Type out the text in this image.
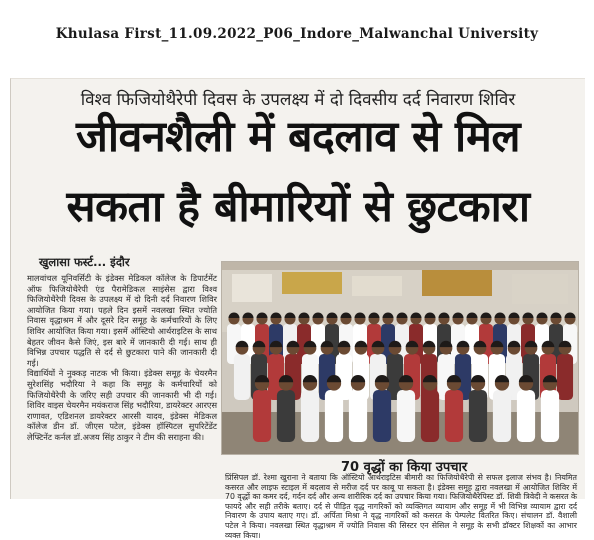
Khulasa First_11.09.2022_P06_Indore_Malwanchal University
विश्व फिजियोथैरेपी दिवस के उपलक्ष्य में दो दिवसीय दर्द निवारण शिविर
जीवनशैली में बदलाव से मिल
सकता है बीमारियों से छुटकारा
खुलासा फर्स्ट... इंदौर

मालवांचल यूनिवर्सिटी के इंडेक्स मेडिकल कॉलेज के डिपार्टमेंट ऑफ फिजियोथैरेपी एंड पैरामेडिकल साइंसेस द्वारा विश्व फिजियोथैरेपी दिवस के उपलक्ष्य में दो दिनी दर्द निवारण शिविर आयोजित किया गया। पहले दिन इसमें नवलखा स्थित ज्योति निवास वृद्धाश्रम में और दूसरे दिन समूह के कर्मचारियों के लिए शिविर आयोजित किया गया। इसमें ऑस्टियो आर्थराइटिस के साथ बेहतर जीवन कैसे जिएं, इस बारे में जानकारी दी गई। साथ ही विभिन्न उपचार पद्धति से दर्द से छुटकारा पाने की जानकारी दी गई।

विद्यार्थियों ने नुक्कड़ नाटक भी किया। इंडेक्स समूह के चेयरमैन सुरेशसिंह भदौरिया ने कहा कि समूह के कर्मचारियों को फिजियोथैरेपी के जरिए सही उपचार की जानकारी भी दी गई। शिविर वाइस चेयरमैन मयंकराज सिंह भदौरिया, डायरेक्टर आरएस राणावत, एडिशनल डायरेक्टर आरसी यादव, इंडेक्स मेडिकल कॉलेज डीन डॉ. जीएस पटेल, इंडेक्स हॉस्पिटल सुपरिटेंडेंट लेफ्टिनेंट कर्नल डॉ.अजय सिंह ठाकुर ने टीम की सराहना की।

70 वृद्धों का किया उपचार
प्रिंसिपल डॉ. रेश्मा खुराना ने बताया कि ऑस्टियो आर्थराइटिस बीमारी का फिजियोथैरेपी से सफल इलाज संभव है। नियमित कसरत और लाइफ स्टाइल में बदलाव से मरीज दर्द पर काबू पा सकता है। इंडेक्स समूह द्वारा नवलखा में आयोजित शिविर में 70 वृद्धों का कमर दर्द, गर्दन दर्द और अन्य शारीरिक दर्द का उपचार किया गया। फिजियोथैरेपिस्ट डॉ. शिवी त्रिवेदी ने कसरत के फायदे और सही तरीके बताए। दर्द से पीड़ित वृद्ध नागरिकों को व्यक्तिगत व्यायाम और समूह में भी विभिन्न व्यायाम द्वारा दर्द निवारण के उपाय बताए गए। डॉ. अर्पिता मिश्रा ने वृद्ध नागरिकों को कसरत के पेम्पलेट वितरित किए। संचालन डॉ. वैशाली पटेल ने किया। नवलखा स्थित वृद्धाश्रम में ज्योति निवास की सिस्टर एन सेसिल ने समूह के सभी डॉक्टर शिक्षकों का आभार व्यक्त किया।
